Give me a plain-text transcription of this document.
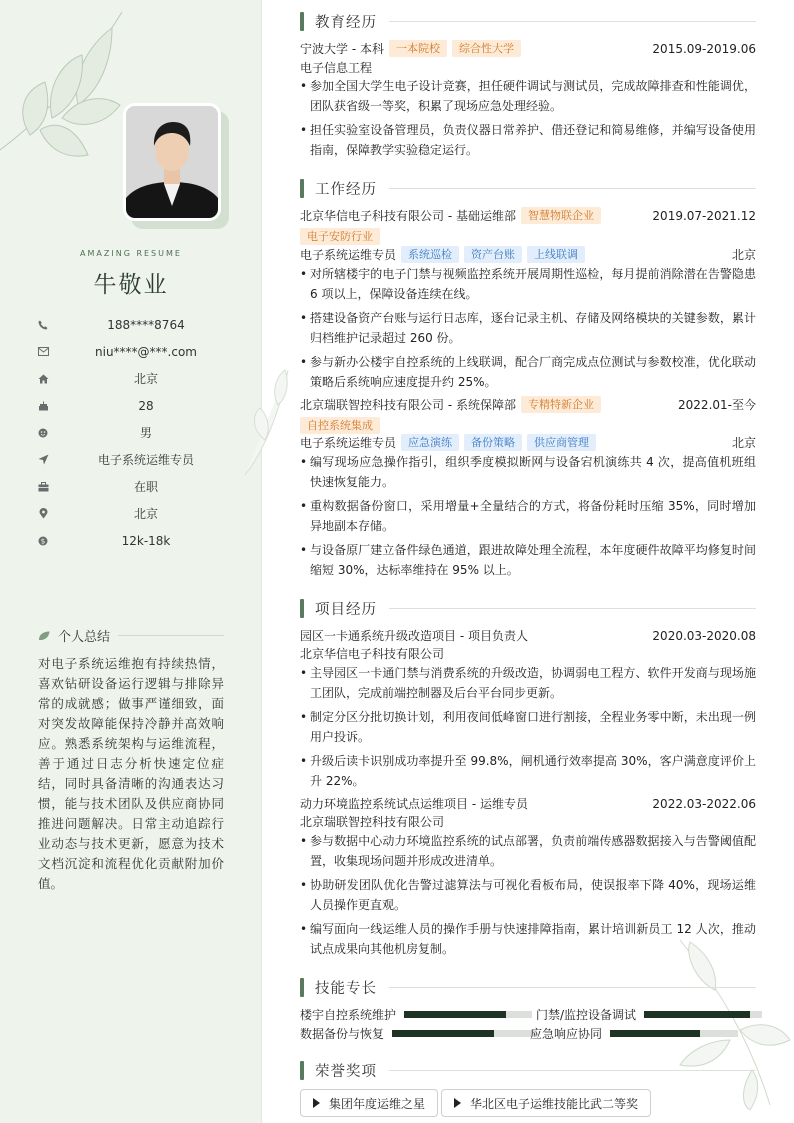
AMAZING RESUME
牛敬业
188****8764
niu****@***.com
北京
28
男
电子系统运维专员
在职
北京
$	12k-18k
个人总结
对电子系统运维抱有持续热情，喜欢钻研设备运行逻辑与排除异常的成就感；做事严谨细致，面对突发故障能保持冷静并高效响应。熟悉系统架构与运维流程，善于通过日志分析快速定位症结，同时具备清晰的沟通表达习惯，能与技术团队及供应商协同推进问题解决。日常主动追踪行业动态与技术更新，愿意为技术文档沉淀和流程优化贡献附加价值。
教育经历
宁波大学 - 本科	一本院校	综合性大学	2015.09-2019.06
电子信息工程
• 参加全国大学生电子设计竞赛，担任硬件调试与测试员，完成故障排查和性能调优，团队获省级一等奖，积累了现场应急处理经验。
• 担任实验室设备管理员，负责仪器日常养护、借还登记和简易维修，并编写设备使用指南，保障教学实验稳定运行。
工作经历
北京华信电子科技有限公司 - 基础运维部	智慧物联企业	2019.07-2021.12
电子安防行业
电子系统运维专员	系统巡检	资产台账	上线联调	北京
• 对所辖楼宇的电子门禁与视频监控系统开展周期性巡检，每月提前消除潜在告警隐患 6 项以上，保障设备连续在线。
• 搭建设备资产台账与运行日志库，逐台记录主机、存储及网络模块的关键参数，累计归档维护记录超过 260 份。
• 参与新办公楼宇自控系统的上线联调，配合厂商完成点位测试与参数校准，优化联动策略后系统响应速度提升约 25%。
北京瑞联智控科技有限公司 - 系统保障部	专精特新企业	2022.01-至今
自控系统集成
电子系统运维专员	应急演练	备份策略	供应商管理	北京
• 编写现场应急操作指引，组织季度模拟断网与设备宕机演练共 4 次，提高值机班组快速恢复能力。
• 重构数据备份窗口，采用增量+全量结合的方式，将备份耗时压缩 35%，同时增加异地副本存储。
• 与设备原厂建立备件绿色通道，跟进故障处理全流程，本年度硬件故障平均修复时间缩短 30%，达标率维持在 95% 以上。
项目经历
园区一卡通系统升级改造项目 - 项目负责人	2020.03-2020.08
北京华信电子科技有限公司
• 主导园区一卡通门禁与消费系统的升级改造，协调弱电工程方、软件开发商与现场施工团队，完成前端控制器及后台平台同步更新。
• 制定分区分批切换计划，利用夜间低峰窗口进行割接，全程业务零中断，未出现一例用户投诉。
• 升级后读卡识别成功率提升至 99.8%，闸机通行效率提高 30%，客户满意度评价上升 22%。
动力环境监控系统试点运维项目 - 运维专员	2022.03-2022.06
北京瑞联智控科技有限公司
• 参与数据中心动力环境监控系统的试点部署，负责前端传感器数据接入与告警阈值配置，收集现场问题并形成改进清单。
• 协助研发团队优化告警过滤算法与可视化看板布局，使误报率下降 40%，现场运维人员操作更直观。
• 编写面向一线运维人员的操作手册与快速排障指南，累计培训新员工 12 人次，推动试点成果向其他机房复制。
技能专长
楼宇自控系统维护	门禁/监控设备调试
数据备份与恢复	应急响应协同
荣誉奖项
集团年度运维之星	华北区电子运维技能比武二等奖
